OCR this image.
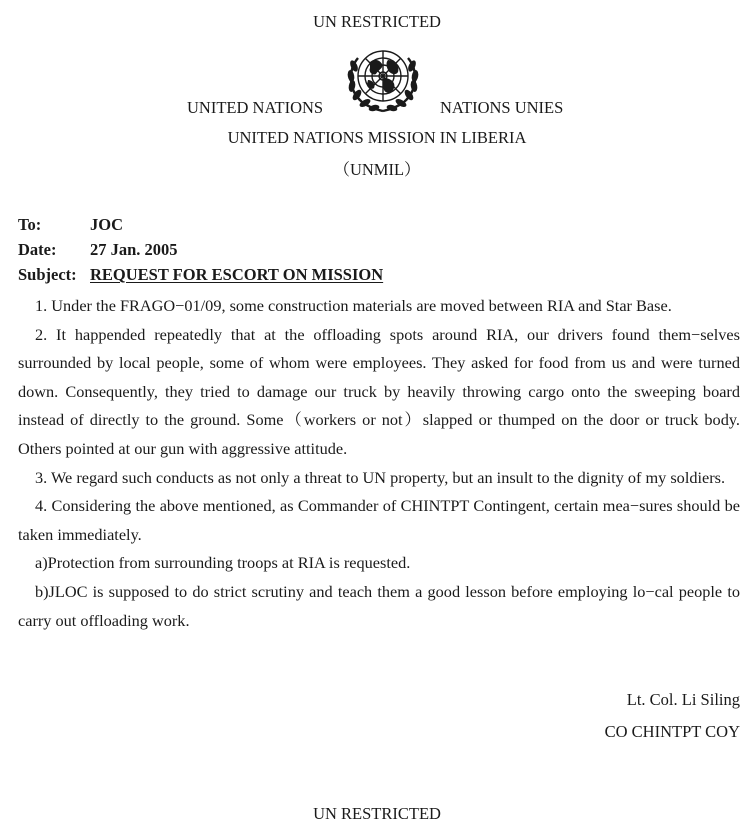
UN RESTRICTED
UNITED NATIONS	NATIONS UNIES
UNITED NATIONS MISSION IN LIBERIA
（UNMIL）
To:	JOC
Date:	27 Jan. 2005
Subject: REQUEST FOR ESCORT ON MISSION

1. Under the FRAGO−01/09, some construction materials are moved between RIA and Star Base.

2. It happended repeatedly that at the offloading spots around RIA, our drivers found them−selves surrounded by local people, some of whom were employees. They asked for food from us and were turned down. Consequently, they tried to damage our truck by heavily throwing cargo onto the sweeping board instead of directly to the ground. Some（workers or not）slapped or thumped on the door or truck body. Others pointed at our gun with aggressive attitude.

3. We regard such conducts as not only a threat to UN property, but an insult to the dignity of my soldiers.

4. Considering the above mentioned, as Commander of CHINTPT Contingent, certain mea−sures should be taken immediately.

a)Protection from surrounding troops at RIA is requested.

b)JLOC is supposed to do strict scrutiny and teach them a good lesson before employing lo−cal people to carry out offloading work.

Lt. Col. Li Siling
CO CHINTPT COY
UN RESTRICTED
